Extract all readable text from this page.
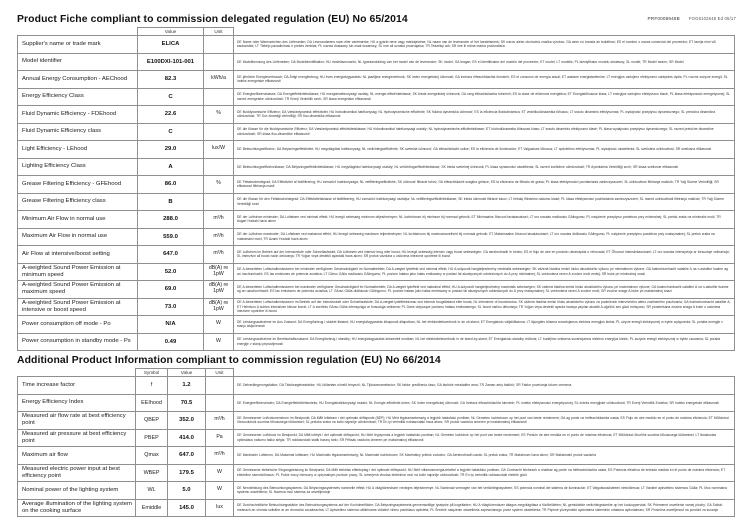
PRF0008948B FOG6102648 Ed 05/17
Product Fiche compliant to commission delegated regulation (EU) No 65/2014
	Value	Unit	
Supplier's name or trade mark	ELICA		DE Name oder Warenzeichen des Lieferanten; DA Leverandørens navn eller varemærke; HU a gyártó neve vagy márkajelzése; NL naam van de leverancier of het handelsmerk; SK názov alebo obchodná značka výrobcu; GA ainm nó branda an tsoláthraí; ES el nombre o marca comercial del proveedor; ET tarnija nimi või kaubamärk; LT Tiekėjo pavadinimas ir prekės ženklas; PL nazwa dostawcy lub znak towarowy; SL ime ali oznaka proizvajalca; TR Tedarikçi adı; SR ime ili robna marka proizvođača
Model identifier	E100DXI-101-001		DE Modellkennung des Lieferanten; DA Modelidentifikation; HU modellazonosító; NL typeaanduiding van het model van de leverancier; SK model; GA leagan; ES el identificador del modelo del proveedor; ET mudel; LT modelis; PL identyfikator modelu dostawcy; SL model; TR Model tanımı; SR Model
Annual Energy Consumption - AEChood	82.3	kWh/a	DE jährliche Energieverbrauch; DA Årligt energiforbrug; HU éves energiafogyasztás; NL jaarlijkse energieverbruik; SK index energetickej účinnosti; GA innéacs éifeachtúlachta fuinnimh; ES el consumo de energía anual; ET aastane energiatarbimine; LT energijos vartojimo efektyvumo santykinis dydis; PL roczne zużycie energii; SL indeks energetske efikasnosti
Energy Efficiency Class	C		DE Energieeffizienzklasse; DA Energieffektivitetsklasse; HU energiahatékonysági osztály; NL energie-efficiëntieklasse; SK trieda energetickej účinnosti; GA rang éifeachtúlachta fuinnimh; ES la clase de eficiencia energética; ET Energiatõhususe klass; LT energijos vartojimo efektyvumo klasė; PL klasa efektywności energetycznej; SL razred energetske učinkovitosti; TR Enerji Verimlilik sınıfı; SR klasa energetske efikasnosti
Fluid Dynamic Efficiency - FDEhood	22.6	%	DE fluiddynamische Effizienz; DA Væskedynamisk effektivitet; HU hidrodinamikai hatékonyság; NL hydrodynamische efficiëntie; SK fluidná dynamická účinnosť; ES la eficiencia fluidodinámica; ET vedelikudünaamika tõhusus; LT srauto dinaminis efektyvumas; PL wydajność przepływu dynamicznego; SL pretočna dinamična učinkovitost; TR Sıvı dinamiği verimliliği; SR fluo-dinamička efikasnost
Fluid Dynamic Efficiency class	C		DE die Klasse für die fluiddynamische Effizienz; DA Væskedynamisk effektivitetsklasse; HU hidrodinamikai hatékonysági osztály; NL hydrodynamische-efficiëntieklasse; ET hüdrodünaamika tõhususe klass; LT srauto dinaminio efektyvumo klasė; PL klasa wydajności przepływu dynamicznego; SL razred pretočne dinamične učinkovitosti; SR klasa fluo-dinamičke efikasnosti
Light Efficiency - LEhood	29.0	lux/W	DE Beleuchtungseffizienz; DA Belysningseffektivitet; HU megvilágítási hatékonyság; NL verlichtingsefficiëntie; SK svetelná účinnosť; GA éifeachtúlacht soilse; ES la eficiencia de iluminación; ET Valgustuse tõhusus; LT apšvietimo efektyvumas; PL wydajność oświetlenia; SL svetlobna učinkovitost; SR svetlosna efikasnost
Lighting Efficiency Class	A		DE Beleuchtungseffizienzklasse; DA Belysningseffektivitetsklasse; HU megvilágítási hatékonysági osztály; NL verlichtingsefficiëntieklasse; SK trieda svetelnej účinnosti; PL klasa sprawności oświetlenia; SL razred svetlobne učinkovitosti; TR Aydınlatma Verimliliği sınıfı; SR klasa svetlosne efikasnosti
Grease Filtering Efficiency - GFEhood	86.0	%	DE Fettabscheidegrad; DA Effektivitet af fedtfiltrering; HU zsírszűrő hatékonysága; NL vetfilteringsefficiëntie; SK účinnosť filtrácie tukov; GA éifeachtúlacht scagtha gréisce; ES la eficiencia de filtrado de grasa; PL klasa efektywności pochłaniania zanieczyszczeń; SL učinkovitost filtriranja maščob; TR Yağ Süzme Verimliliği; SR efikasnost filtriranja masti
Grease Filtering Efficiency class	B		DE die Klasse für den Fettabscheidegrad; DA Effektivitetsklasse af fedtfiltrering; HU zsírszűrő hatékonysági osztálya; NL vetfilteringsefficiëntieklasse; SK trieda účinnosti filtrácie tukov; LT riebalų filtravimo našumo klasė; PL klasa efektywności pochłaniania zanieczyszczeń; SL razred učinkovitosti filtriranja maščob; TR Yağ Süzme Verimliliği sınıfı
Minimum Air Flow in normal use	288.0	m³/h	DE der Luftstrom minimaler; DA Luftstrøm ved minimal effekt; HU levegő sebesség minimum teljesítményen; NL luchtstroom bij minimum bij normaal gebruik; ET Minimaalne õhuvool tavakasutusel; LT oro srautas mažiausiu GAlingumu; PL natężenie przepływu powietrza przy minimalnej; SL pretok zraka na minimalni moči; TR Asgari Hızdaki hava akımı
Maximum Air Flow in normal use	559.0	m³/h	DE der Luftstrom maximaler; DA Luftstrøm ved maksimal effekt; HU levegő sebesség maximum teljesítményen; NL luchtstroom bij maximumsnelheid bij normaal gebruik; ET Maksimaalne õhuvool tavakasutusel; LT oro srautas didžiausiu GAlingumu; PL natężenie przepływu powietrza przy maksymalnej; SL pretok zraka na maksimalni moči; TR Azami Hızdaki hava akımı
Air Flow at intensive/boost setting	647.0	m³/h	DE Luftstrom im Betrieb auf der Intensivstufe oder Schnellaufstufe; DA Luftstrøm ved intensiv brug eller boost; HU levegő sebesség intenzív vagy boost sebességen; GA aershruthadh le treisiú; ES el flujo de aire en posición ultrarrápida o reforzada; ET Õhuvool intensiivkasutusel; LT oro srautas intensyvioje ar forsuotoje veiksenoje; SL intenzivni ali boost način delovanja; TR Yoğun veya destekli ayardaki hava akımı; SR protok vazduha u uslovima intezivne upotrebe ili boost
A-weighted Sound Power Emission at minimum speed	52.0	dB(A) re 1pW	DE A-bewerteten Luftschallemissionen bei minimaler verfügbarer Geschwindigkeit im Normalbetrieb; DA A-vægtet lydeffekt ved minimal effekt; HU A-súlyozott hangteljesítmény minimális sebességen; SK vážená hladina emisií hluku akustického výkonu pri minimálnom výkone; GA fuaimchumhacht ualaithe A na n-astuithe fuaime ag an íoschumhacht; ES las emisiones de potencia acústica; LT GArso GAlia mažiausiu GAlingumu; PL poziom hałasu jako hałas emitowany w postaci fal akustycznych odniesionych do A przy minimalnej; SL vrednotena raven A zvočne moči emisij; SR buke pri minimalnoj snazi
A-weighted Sound Power Emission at maximum speed	69.0	dB(A) re 1pW	DE A-bewerteten Luftschallemissionen bei maximaler verfügbarer Geschwindigkeit im Normalbetrieb; DA A-vægtet lydeffekt ved maksimal effekt; HU A-súlyozott hangteljesítmény maximális sebességen; SK vážená hladina emisií hluku akustického výkonu pri maximálnom výkone; GA fuaimchumhacht ualaithe A na n-astuithe fuaime ag an uaschumhacht; ES las emisiones de potencia acústica; LT GArso GAlia didžiausiu GAlingumu; PL poziom hałasu jako hałas emitowany w postaci fal akustycznych odniesionych do A przy maksymalnej; SL vrednotena raven A zvočne moči; SR zvučne snage A buke pri maksimalnoj snazi
A-weighted Sound Power Emission at intensive or boost speed	73.0	dB(A) re 1pW	DE A-bewerteten Luftschallemissionen im Betrieb auf der Intensivstufe oder Schnellaufstufe; DA A-vægtet lydeffektniveau ved intensiv brugstilstand eller boost; NL intensieve of boostmodus; SK vážená hladina emisií hluku akustického výkonu za podmienok intenzívneho alebo zosilneného používania; GA fuaimchumhacht ualaithe A; ET Helinivoo A suhtes intensiivse kiiruse korral; LT A svertinis GArso GAlia intensyviąja ar forsuotąja veiksena; PL Dane dotyczące poziomu hałasu emitowanego; SL boost načinu delovanja; TR Yoğun veya destekli ayarda havaya yayılan akustik A-ağırlıklı ses gücü emisyonu; SR ponderisana zvučna snaga A buke u uslovima intezivne upotrebe ili boost
Power consumption off mode - Po	N/A	W	DE Leistungsaufnahme im Aus Zustand; DA Energiforbrug i slukket tilstand; HU energiafogyasztás kikapcsolt állapotban; NL het elektriciteitsverbruik in de uit-stand; ET Energiakulu väljalülitatuna; LT išjungties būsena suvartojamos elektros energijos kiekis; PL użycie energii elektrycznej w trybie wyłączenia; SL poraba energije v stanju izključenosti
Power consumption in standby mode - Ps	0.49	W	DE Leistungsaufnahme im Bereitschaftszustand; DA Energiforbrug i standby; HU energiafogyasztás készenléti módban; NL het elektriciteitsverbruik in de stand-by-stand; ET Energiakulu standby režiimis; LT budėjimo veiksena suvartojamos elektros energijos kiekis; PL zużycie energii elektrycznej w trybie czuwania; SL poraba energije v stanju pripravljenosti
Additional Product Information compliant to commission regulation (EU) No 66/2014
	Symbol	Value	Unit	
Time increase factor	f	1.2		DE Zeitverlängerungsfaktor; DA Tidsforøgelsesfaktor; HU időtartam növelő tényező; NL Tijdstoenamefactor; SK faktor predĺženia času; GA fachtóir méadaithe ama; TR Zaman artış faktörü; SR Faktor povećanja tokom vremena
Energy Efficiency Index	EEIhood	70.5		DE Energieeffizienzindex; DA Energieffektivitetsindeks; HU Energiahatékonysági mutató; NL Energie-efficiëntie-index; SK Index energetickej účinnosti; GA Innéacs éifeachtúlachta fuinnimh; PL indeks efektywności energetycznej; SL Indeks energijske učinkovitosti; TR Enerji Verimlilik Endeksi; SR Indeks energetske efikasnosti
Measured air flow rate at best efficiency point	QBEP	352.0	m³/h	DE Gemessener Luftvolumenstrom im Bestpunkt; DA Målt luftstrøm i det optimale driftspunkt (BEP); HU Mért légáramsebesség a legjobb hatásfokú pontban; NL Gemeten luchtstroom op het punt van beste rendement; GA ag ponte na héifeachtúlachta uasta; ES Flujo de aire medido en el punto de máxima eficiencia; ET Mõõdetud õhuvooluhulk suurima tõhususega töötamisel; SL pretoka zraka na točki največje učinkovitosti; TR En iyi verimlilik noktasındaki hava akımı; SR protok vazduha izmeren pri maksimalnoj efikasnosti
Measured air pressure at best efficiency point	PBEP	414.0	Pa	DE Gemessener Luftdruck im Bestpunkt; DA Målt lufttryk i det optimale driftspunkt; HU Mért légnyomás a legjobb hatásfokú pontban; NL Gemeten luchtdruk op het punt van beste rendement; ES Presión de aire medida en el punto de máxima eficiencia; ET Mõõdetud õhurõhk suurima tõhususega töötamisel; LT išmatuotas optimalaus našumo taško slėgis; TR noktasındaki statik basınç farkı; SR Pritisak vazduha izmeren pri maksimalnoj efikasnosti
Maximum air flow	Qmax	647.0	m³/h	DE Maximaler Luftstrom; DA Maksimal luftstrøm; HU Maximális légáramsebesség; NL Maximale luchtstroom; SK Maximálny prietok vzduchu; GA Aershruthadh uasta; SL pretok zraka; TR Maksimum hava akımı; SR Maksimalni protok vazduha
Measured electric power input at best efficiency point	WBEP	179.5	W	DE Gemessene elektrische Eingangsleistung im Bestpunkt; DA Målt elektrisk effektoptag i det optimale driftspunkt; HU Mért villamosenergia-felvétel a legjobb hatásfokú pontban; GA Cumhacht leictreach a chaitear ag ponte na héifeachtúlachta uasta; ES Potencia eléctrica de entrada medida en el punto de máxima eficiencia; ET elektriline sisendvõimsus; PL Pobór mocy mierzony w optymalnym punkcie pracy; SL Izmerjena vhodna električna moč na točki največje učinkovitosti; TR En iyi verimlilik noktasındaki elektrik gücü
Nominal power of the lighting system	WL	5.0	W	DE Nennleistung des Beleuchtungssystems; DA Belysningssystemets nominelle effekt; HU A világítórendszer névleges teljesítménye; NL Nominaal vermogen van het verlichtingssysteem; ES potencia nominal del sistema de iluminación; ET Valgustussüsteemi nimivõimsus; LT Vardinė apšvietimo sistemos GAlia; PL Moc nominalna systemu oświetlenia; SL Nazivna moč sistema za osvetljevanje
Average illumination of the lighting system on the cooking surface	Emiddle	145.0	lux	DE Durchschnittliche Beleuchtungsstärke des Beleuchtungssystems auf der Kochoberfläche; DA Belysningssystemets gennemsnitlige lysstyrke på kogefladen; HU A világítórendszer átlagos megvilágítása a főzőfelületen; NL gemiddelde verlichtingssterkte op het kookoppervlak; SK Priemerné osvetlenie varnej plochy; GA Soilsiú meánach an chórais soilsithe ar an dromchla cócaireachta; LT Apšvietimo sistema užtikrinama vidutinė virimo paviršiaus apšvieta; PL Średnie natężenie oświetlenia zapewnianego przez system oświetlenia; TR Pişirme yüzeyindeki aydınlatma sisteminin ortalama aydınlatması; SR Prosečna osvetljenost na površini za kuvanje
